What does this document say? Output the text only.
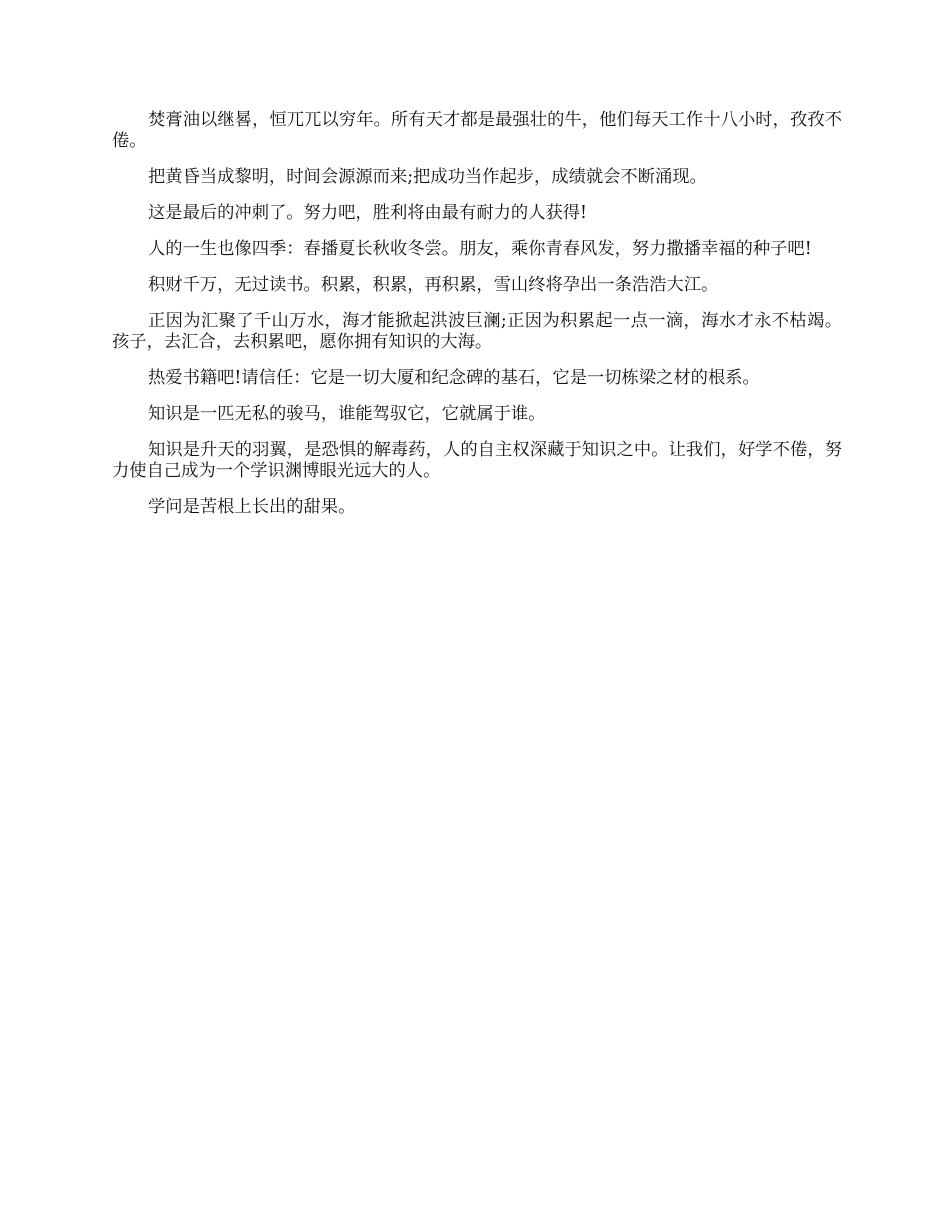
焚膏油以继晷，恒兀兀以穷年。所有天才都是最强壮的牛，他们每天工作十八小时，孜孜不倦。

把黄昏当成黎明，时间会源源而来;把成功当作起步，成绩就会不断涌现。

这是最后的冲刺了。努力吧，胜利将由最有耐力的人获得!

人的一生也像四季：春播夏长秋收冬尝。朋友，乘你青春风发，努力撒播幸福的种子吧!

积财千万，无过读书。积累，积累，再积累，雪山终将孕出一条浩浩大江。

正因为汇聚了千山万水，海才能掀起洪波巨澜;正因为积累起一点一滴，海水才永不枯竭。孩子，去汇合，去积累吧，愿你拥有知识的大海。

热爱书籍吧!请信任：它是一切大厦和纪念碑的基石，它是一切栋梁之材的根系。

知识是一匹无私的骏马，谁能驾驭它，它就属于谁。

知识是升天的羽翼，是恐惧的解毒药，人的自主权深藏于知识之中。让我们，好学不倦，努力使自己成为一个学识渊博眼光远大的人。

学问是苦根上长出的甜果。
